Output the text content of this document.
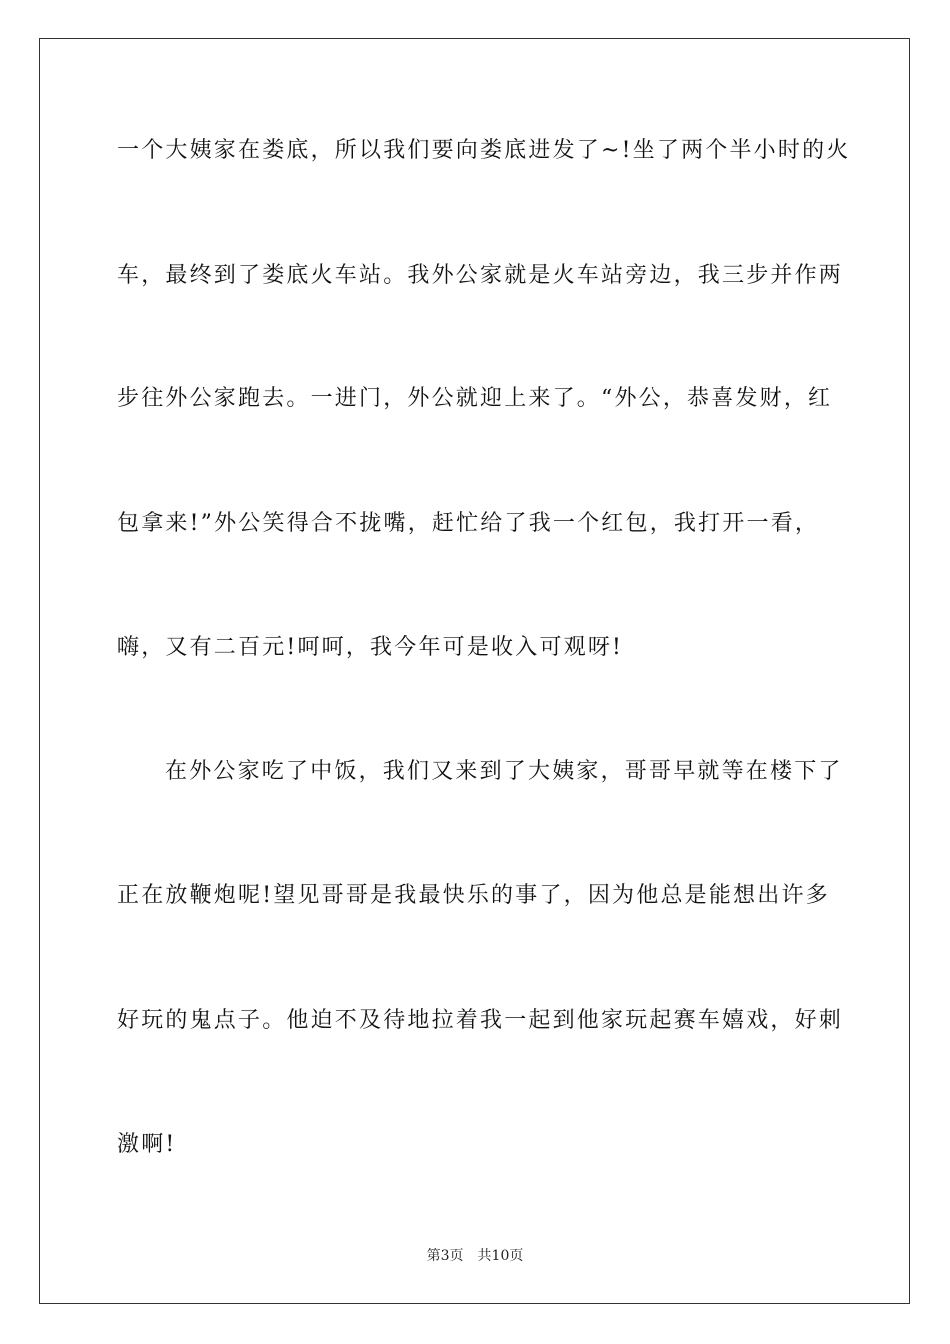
一个大姨家在娄底，所以我们要向娄底进发了~!坐了两个半小时的火
车，最终到了娄底火车站。我外公家就是火车站旁边，我三步并作两
步往外公家跑去。一进门，外公就迎上来了。“外公，恭喜发财，红
包拿来!”外公笑得合不拢嘴，赶忙给了我一个红包，我打开一看，
嗨，又有二百元!呵呵，我今年可是收入可观呀!
在外公家吃了中饭，我们又来到了大姨家，哥哥早就等在楼下了
正在放鞭炮呢!望见哥哥是我最快乐的事了，因为他总是能想出许多
好玩的鬼点子。他迫不及待地拉着我一起到他家玩起赛车嬉戏，好刺
激啊!
第3页 共10页
